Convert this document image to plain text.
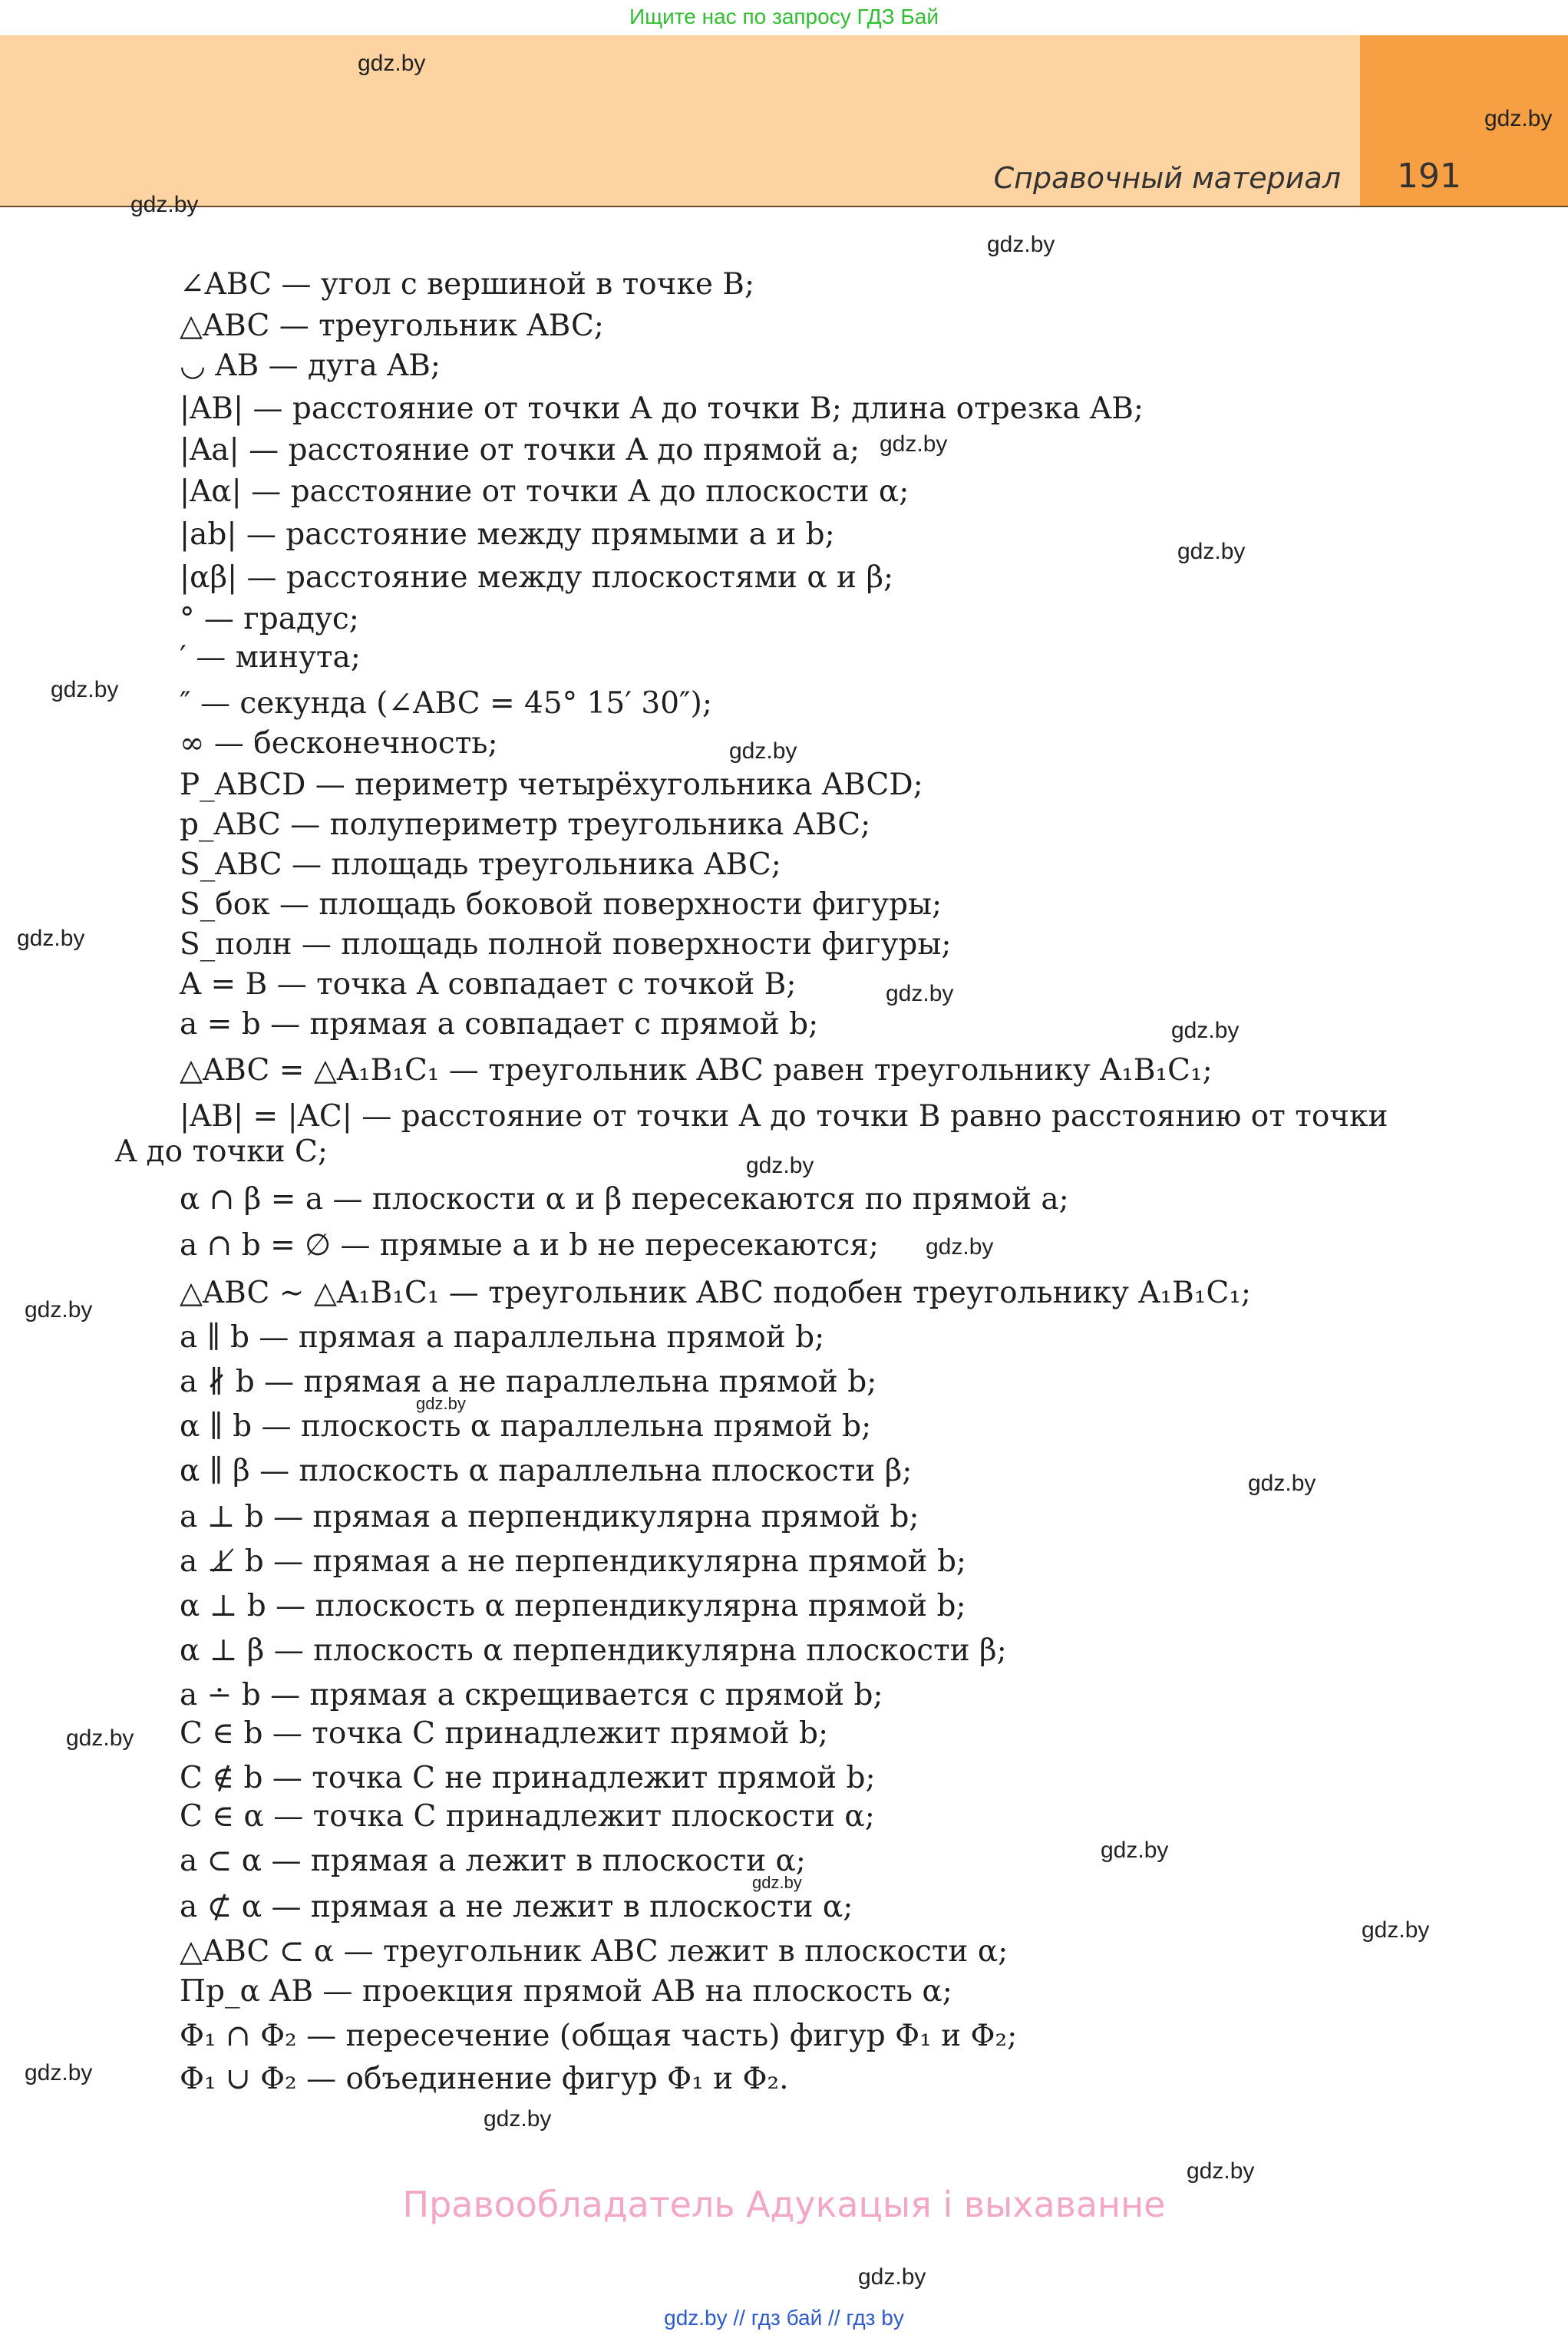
Ищите нас по запросу ГДЗ Бай
Справочный материал 191
gdz.by
gdz.by
gdz.by
gdz.by
gdz.by
gdz.by
gdz.by
gdz.by
gdz.by
gdz.by
gdz.by
gdz.by
gdz.by
gdz.by
gdz.by
gdz.by
gdz.by
gdz.by
gdz.by
gdz.by
gdz.by
gdz.by
gdz.by
gdz.by
∠ABC — угол с вершиной в точке B;
△ABC — треугольник ABC;
◡ AB — дуга AB;
|AB| — расстояние от точки A до точки B; длина отрезка AB;
|Aa| — расстояние от точки A до прямой a;
|Aα| — расстояние от точки A до плоскости α;
|ab| — расстояние между прямыми a и b;
|αβ| — расстояние между плоскостями α и β;
° — градус;
′ — минута;
″ — секунда (∠ABC = 45° 15′ 30″);
∞ — бесконечность;
P_ABCD — периметр четырёхугольника ABCD;
p_ABC — полупериметр треугольника ABC;
S_ABC — площадь треугольника ABC;
S_бок — площадь боковой поверхности фигуры;
S_полн — площадь полной поверхности фигуры;
A = B — точка A совпадает с точкой B;
a = b — прямая a совпадает с прямой b;
△ABC = △A₁B₁C₁ — треугольник ABC равен треугольнику A₁B₁C₁;
|AB| = |AC| — расстояние от точки A до точки B равно расстоянию от точки
A до точки C;
α ∩ β = a — плоскости α и β пересекаются по прямой a;
a ∩ b = ∅ — прямые a и b не пересекаются;
△ABC ∼ △A₁B₁C₁ — треугольник ABC подобен треугольнику A₁B₁C₁;
a ∥ b — прямая a параллельна прямой b;
a ∦ b — прямая a не параллельна прямой b;
α ∥ b — плоскость α параллельна прямой b;
α ∥ β — плоскость α параллельна плоскости β;
a ⊥ b — прямая a перпендикулярна прямой b;
a ⊥̸ b — прямая a не перпендикулярна прямой b;
α ⊥ b — плоскость α перпендикулярна прямой b;
α ⊥ β — плоскость α перпендикулярна плоскости β;
a ∸ b — прямая a скрещивается с прямой b;
C ∈ b — точка C принадлежит прямой b;
C ∉ b — точка C не принадлежит прямой b;
C ∈ α — точка C принадлежит плоскости α;
a ⊂ α — прямая a лежит в плоскости α;
a ⊄ α — прямая a не лежит в плоскости α;
△ABC ⊂ α — треугольник ABC лежит в плоскости α;
Пр_α AB — проекция прямой AB на плоскость α;
Φ₁ ∩ Φ₂ — пересечение (общая часть) фигур Φ₁ и Φ₂;
Φ₁ ∪ Φ₂ — объединение фигур Φ₁ и Φ₂.
Правообладатель Адукацыя і выхаванне
gdz.by // гдз бай // гдз by
